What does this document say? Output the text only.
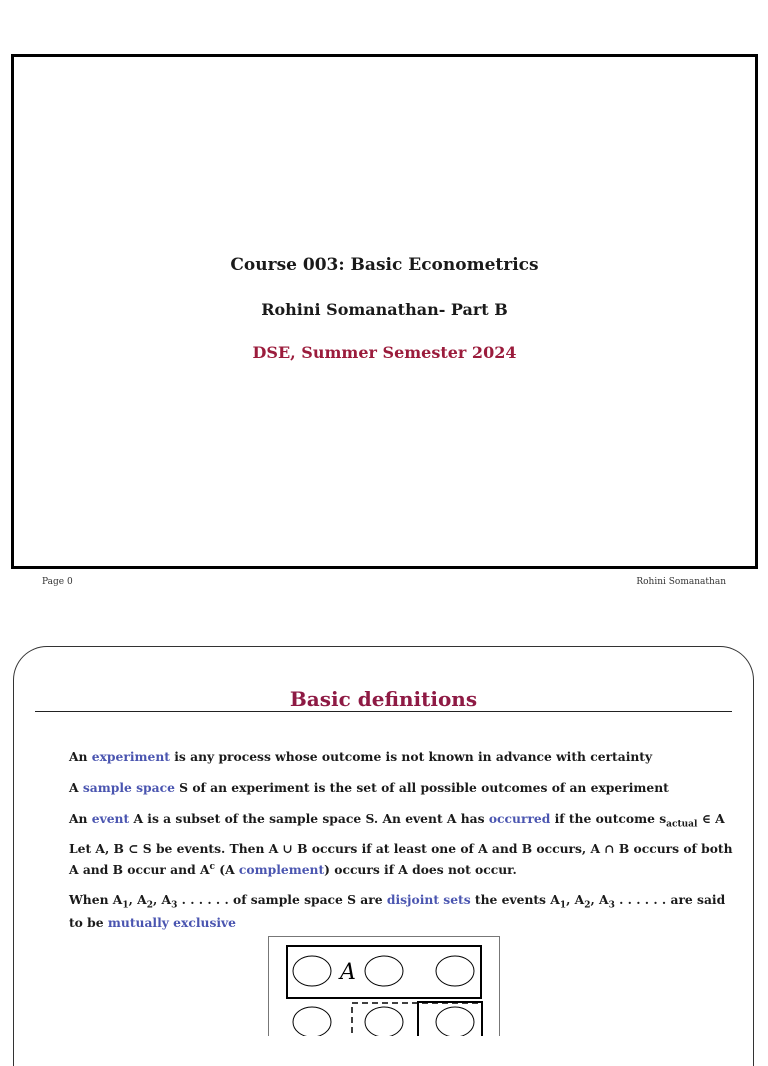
Course 003: Basic Econometrics
Rohini Somanathan- Part B
DSE, Summer Semester 2024
Page 0	Rohini Somanathan
Basic definitions
An experiment is any process whose outcome is not known in advance with certainty
A sample space S of an experiment is the set of all possible outcomes of an experiment
An event A is a subset of the sample space S. An event A has occurred if the outcome $s_{actual}$ ∈ A
Let A, B ⊂ S be events. Then A ∪ B occurs if at least one of A and B occurs, A ∩ B occurs of both A and B occur and $A^c$ (A complement) occurs if A does not occur.
When $A_1$, $A_2$, $A_3$ . . . . . . of sample space S are disjoint sets the events $A_1$, $A_2$, $A_3$ . . . . . . are said to be mutually exclusive
A
